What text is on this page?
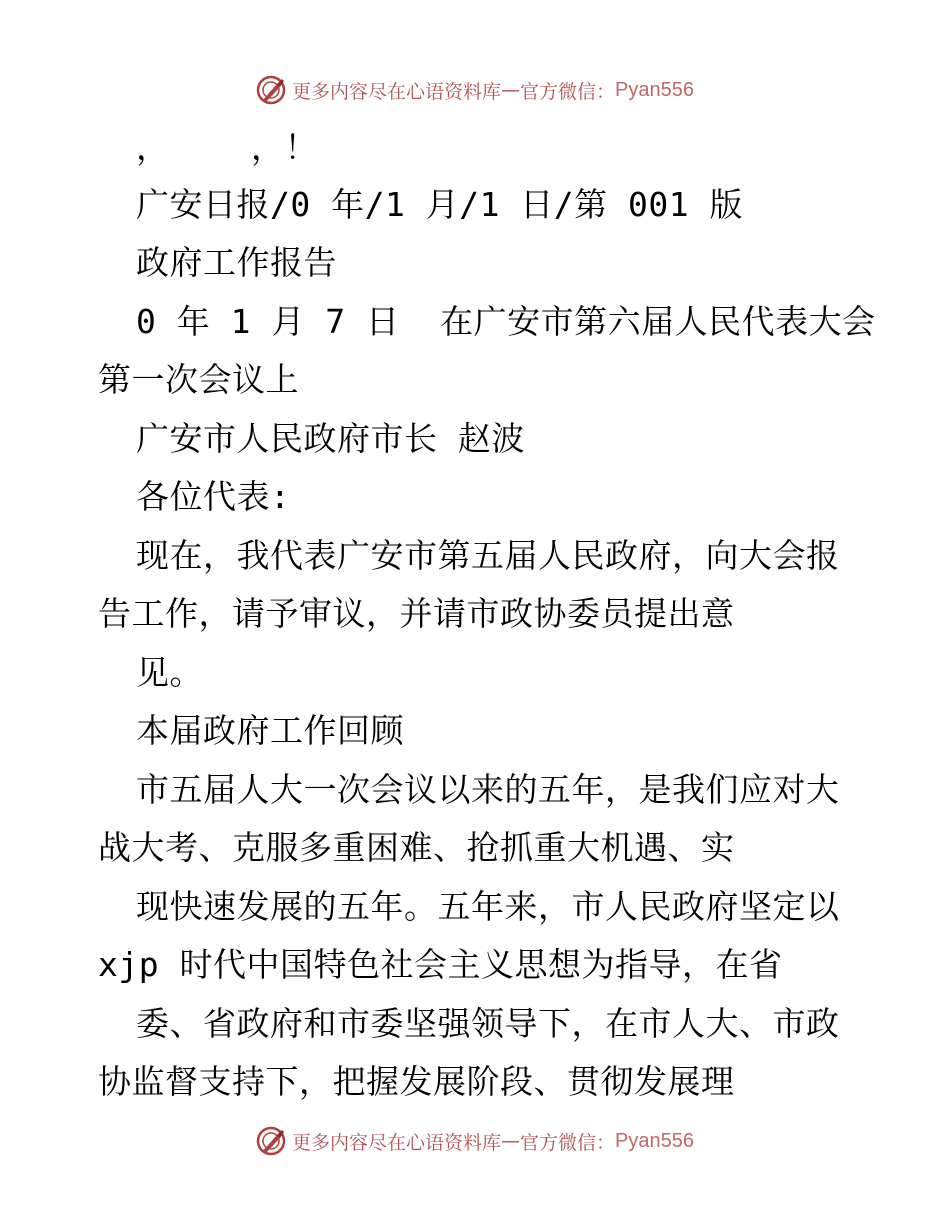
更多内容尽在心语资料库 — 官方微信： Pyan556
，    ，！
广安日报/0 年/1 月/1 日/第 001 版
政府工作报告
0 年 1 月 7 日  在广安市第六届人民代表大会
第一次会议上
广安市人民政府市长 赵波
各位代表:
现在，我代表广安市第五届人民政府，向大会报
告工作，请予审议，并请市政协委员提出意
见。
本届政府工作回顾
市五届人大一次会议以来的五年，是我们应对大
战大考、克服多重困难、抢抓重大机遇、实
现快速发展的五年。五年来，市人民政府坚定以
xjp 时代中国特色社会主义思想为指导，在省
委、省政府和市委坚强领导下，在市人大、市政
协监督支持下，把握发展阶段、贯彻发展理
更多内容尽在心语资料库 — 官方微信： Pyan556
